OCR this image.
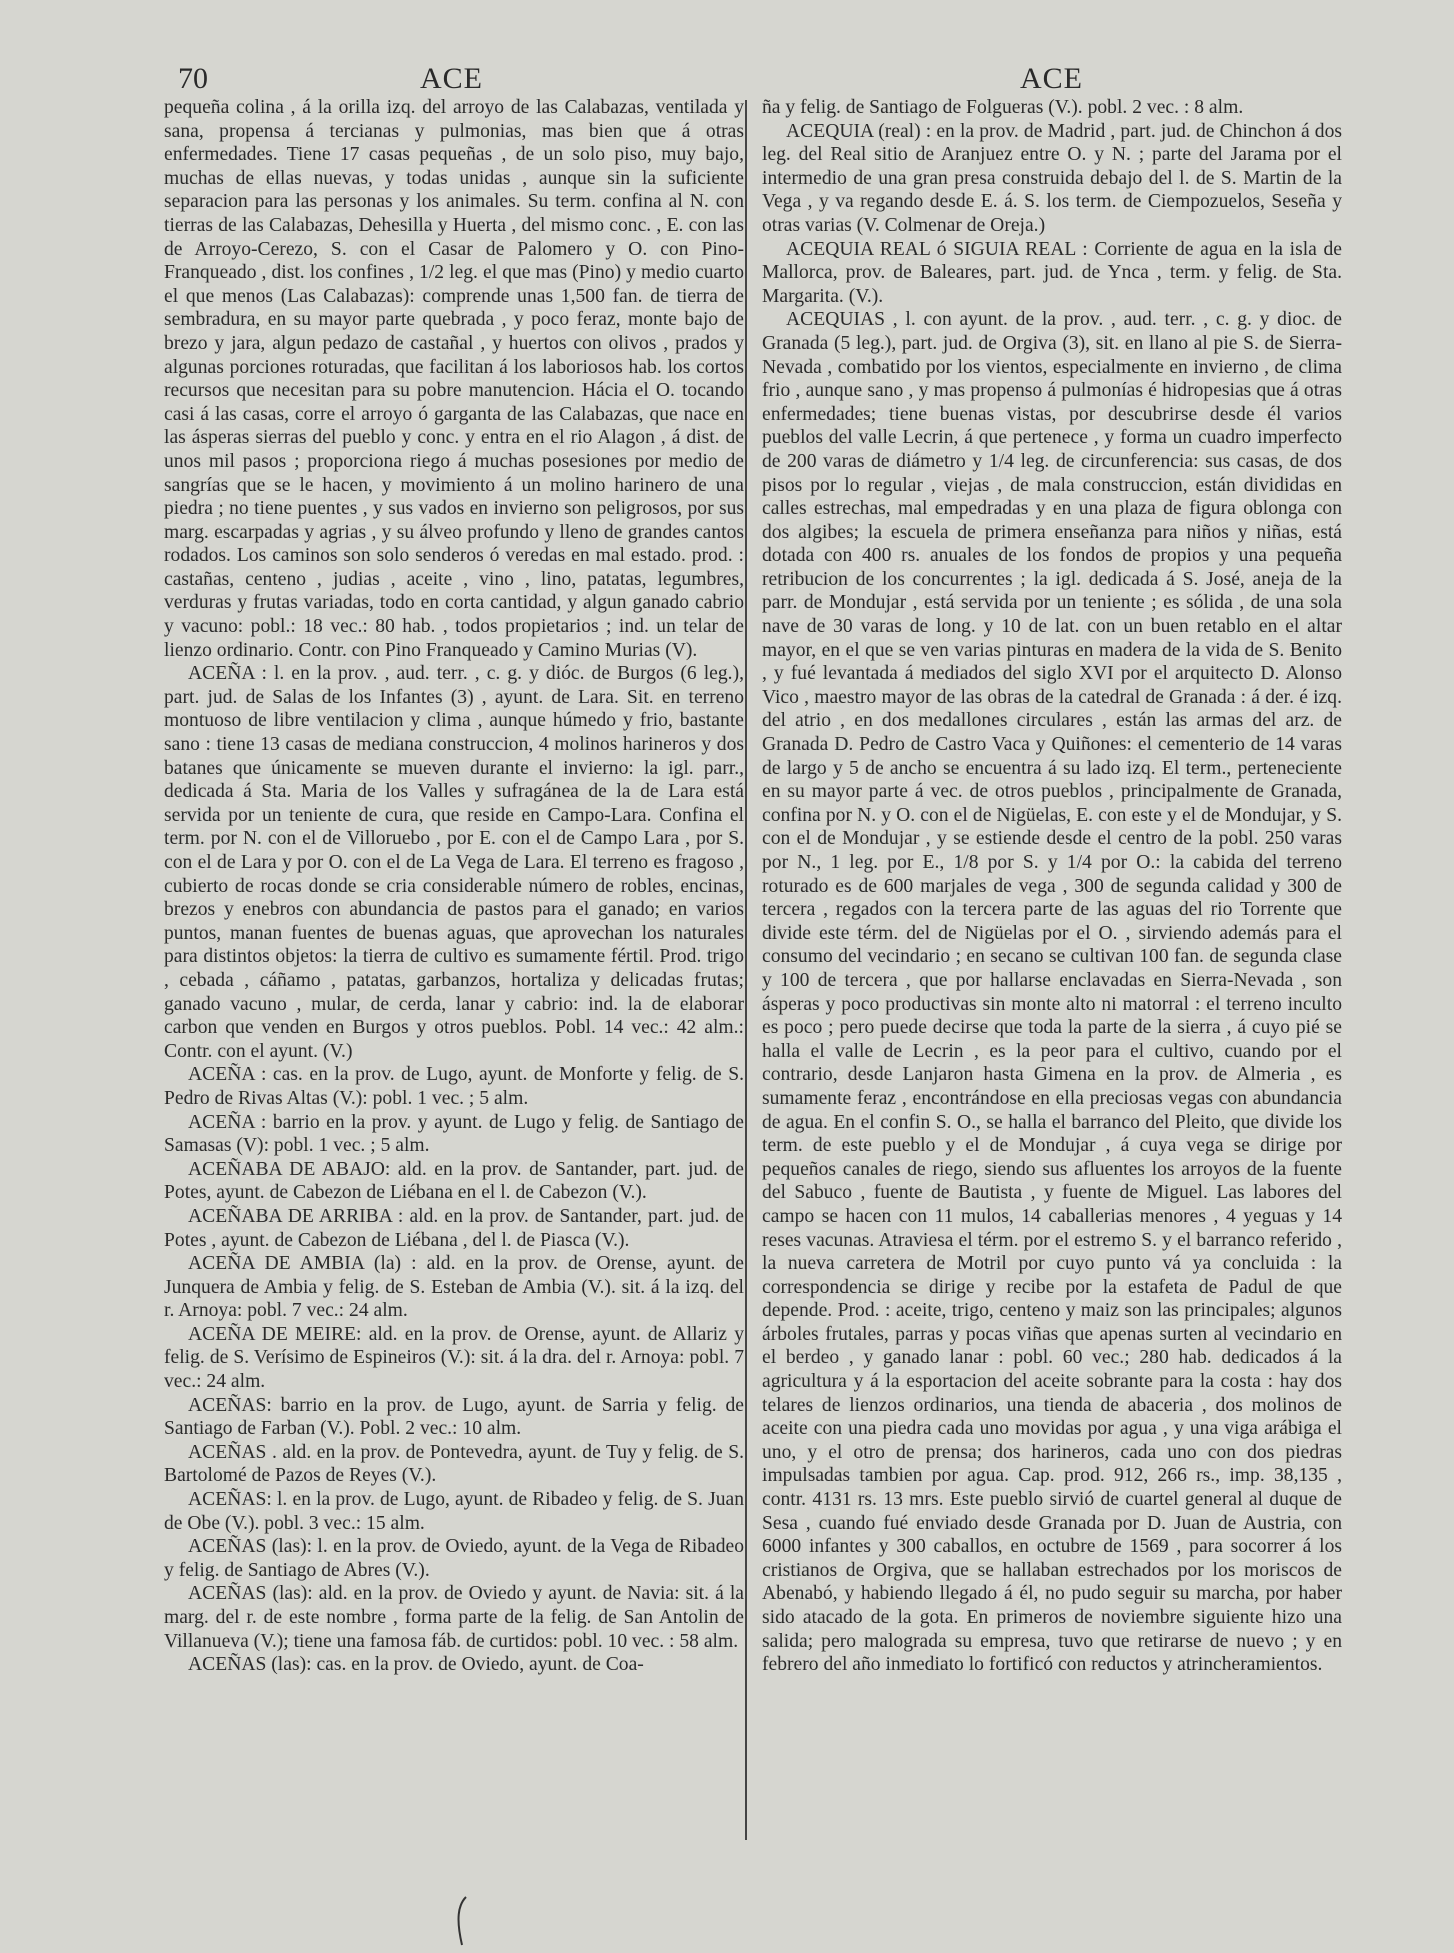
70	ACE	ACE

pequeña colina , á la orilla izq. del arroyo de las Calabazas, ventilada y sana, propensa á tercianas y pulmonias, mas bien que á otras enfermedades. Tiene 17 casas pequeñas , de un solo piso, muy bajo, muchas de ellas nuevas, y todas unidas , aunque sin la suficiente separacion para las personas y los animales. Su term. confina al N. con tierras de las Calabazas, Dehesilla y Huerta , del mismo conc. , E. con las de Arroyo-Cerezo, S. con el Casar de Palomero y O. con Pino-Franqueado , dist. los confines , 1/2 leg. el que mas (Pino) y medio cuarto el que menos (Las Calabazas): comprende unas 1,500 fan. de tierra de sembradura, en su mayor parte quebrada , y poco feraz, monte bajo de brezo y jara, algun pedazo de castañal , y huertos con olivos , prados y algunas porciones roturadas, que facilitan á los laboriosos hab. los cortos recursos que necesitan para su pobre manutencion. Hácia el O. tocando casi á las casas, corre el arroyo ó garganta de las Calabazas, que nace en las ásperas sierras del pueblo y conc. y entra en el rio Alagon , á dist. de unos mil pasos ; proporciona riego á muchas posesiones por medio de sangrías que se le hacen, y movimiento á un molino harinero de una piedra ; no tiene puentes , y sus vados en invierno son peligrosos, por sus marg. escarpadas y agrias , y su álveo profundo y lleno de grandes cantos rodados. Los caminos son solo senderos ó veredas en mal estado. prod. : castañas, centeno , judias , aceite , vino , lino, patatas, legumbres, verduras y frutas variadas, todo en corta cantidad, y algun ganado cabrio y vacuno: pobl.: 18 vec.: 80 hab. , todos propietarios ; ind. un telar de lienzo ordinario. Contr. con Pino Franqueado y Camino Murias (V).

ACEÑA : l. en la prov. , aud. terr. , c. g. y dióc. de Burgos (6 leg.), part. jud. de Salas de los Infantes (3) , ayunt. de Lara. Sit. en terreno montuoso de libre ventilacion y clima , aunque húmedo y frio, bastante sano : tiene 13 casas de mediana construccion, 4 molinos harineros y dos batanes que únicamente se mueven durante el invierno: la igl. parr., dedicada á Sta. Maria de los Valles y sufragánea de la de Lara está servida por un teniente de cura, que reside en Campo-Lara. Confina el term. por N. con el de Villoruebo , por E. con el de Campo Lara , por S. con el de Lara y por O. con el de La Vega de Lara. El terreno es fragoso , cubierto de rocas donde se cria considerable número de robles, encinas, brezos y enebros con abundancia de pastos para el ganado; en varios puntos, manan fuentes de buenas aguas, que aprovechan los naturales para distintos objetos: la tierra de cultivo es sumamente fértil. Prod. trigo , cebada , cáñamo , patatas, garbanzos, hortaliza y delicadas frutas; ganado vacuno , mular, de cerda, lanar y cabrio: ind. la de elaborar carbon que venden en Burgos y otros pueblos. Pobl. 14 vec.: 42 alm.: Contr. con el ayunt. (V.)

ACEÑA : cas. en la prov. de Lugo, ayunt. de Monforte y felig. de S. Pedro de Rivas Altas (V.): pobl. 1 vec. ; 5 alm.

ACEÑA : barrio en la prov. y ayunt. de Lugo y felig. de Santiago de Samasas (V): pobl. 1 vec. ; 5 alm.

ACEÑABA DE ABAJO: ald. en la prov. de Santander, part. jud. de Potes, ayunt. de Cabezon de Liébana en el l. de Cabezon (V.).

ACEÑABA DE ARRIBA : ald. en la prov. de Santander, part. jud. de Potes , ayunt. de Cabezon de Liébana , del l. de Piasca (V.).

ACEÑA DE AMBIA (la) : ald. en la prov. de Orense, ayunt. de Junquera de Ambia y felig. de S. Esteban de Ambia (V.). sit. á la izq. del r. Arnoya: pobl. 7 vec.: 24 alm.

ACEÑA DE MEIRE: ald. en la prov. de Orense, ayunt. de Allariz y felig. de S. Verísimo de Espineiros (V.): sit. á la dra. del r. Arnoya: pobl. 7 vec.: 24 alm.

ACEÑAS: barrio en la prov. de Lugo, ayunt. de Sarria y felig. de Santiago de Farban (V.). Pobl. 2 vec.: 10 alm.

ACEÑAS . ald. en la prov. de Pontevedra, ayunt. de Tuy y felig. de S. Bartolomé de Pazos de Reyes (V.).

ACEÑAS: l. en la prov. de Lugo, ayunt. de Ribadeo y felig. de S. Juan de Obe (V.). pobl. 3 vec.: 15 alm.

ACEÑAS (las): l. en la prov. de Oviedo, ayunt. de la Vega de Ribadeo y felig. de Santiago de Abres (V.).

ACEÑAS (las): ald. en la prov. de Oviedo y ayunt. de Navia: sit. á la marg. del r. de este nombre , forma parte de la felig. de San Antolin de Villanueva (V.); tiene una famosa fáb. de curtidos: pobl. 10 vec. : 58 alm.

ACEÑAS (las): cas. en la prov. de Oviedo, ayunt. de Coa-

ña y felig. de Santiago de Folgueras (V.). pobl. 2 vec. : 8 alm.

ACEQUIA (real) : en la prov. de Madrid , part. jud. de Chinchon á dos leg. del Real sitio de Aranjuez entre O. y N. ; parte del Jarama por el intermedio de una gran presa construida debajo del l. de S. Martin de la Vega , y va regando desde E. á. S. los term. de Ciempozuelos, Seseña y otras varias (V. Colmenar de Oreja.)

ACEQUIA REAL ó SIGUIA REAL : Corriente de agua en la isla de Mallorca, prov. de Baleares, part. jud. de Ynca , term. y felig. de Sta. Margarita. (V.).

ACEQUIAS , l. con ayunt. de la prov. , aud. terr. , c. g. y dioc. de Granada (5 leg.), part. jud. de Orgiva (3), sit. en llano al pie S. de Sierra-Nevada , combatido por los vientos, especialmente en invierno , de clima frio , aunque sano , y mas propenso á pulmonías é hidropesias que á otras enfermedades; tiene buenas vistas, por descubrirse desde él varios pueblos del valle Lecrin, á que pertenece , y forma un cuadro imperfecto de 200 varas de diámetro y 1/4 leg. de circunferencia: sus casas, de dos pisos por lo regular , viejas , de mala construccion, están divididas en calles estrechas, mal empedradas y en una plaza de figura oblonga con dos algibes; la escuela de primera enseñanza para niños y niñas, está dotada con 400 rs. anuales de los fondos de propios y una pequeña retribucion de los concurrentes ; la igl. dedicada á S. José, aneja de la parr. de Mondujar , está servida por un teniente ; es sólida , de una sola nave de 30 varas de long. y 10 de lat. con un buen retablo en el altar mayor, en el que se ven varias pinturas en madera de la vida de S. Benito , y fué levantada á mediados del siglo XVI por el arquitecto D. Alonso Vico , maestro mayor de las obras de la catedral de Granada : á der. é izq. del atrio , en dos medallones circulares , están las armas del arz. de Granada D. Pedro de Castro Vaca y Quiñones: el cementerio de 14 varas de largo y 5 de ancho se encuentra á su lado izq. El term., perteneciente en su mayor parte á vec. de otros pueblos , principalmente de Granada, confina por N. y O. con el de Nigüelas, E. con este y el de Mondujar, y S. con el de Mondujar , y se estiende desde el centro de la pobl. 250 varas por N., 1 leg. por E., 1/8 por S. y 1/4 por O.: la cabida del terreno roturado es de 600 marjales de vega , 300 de segunda calidad y 300 de tercera , regados con la tercera parte de las aguas del rio Torrente que divide este térm. del de Nigüelas por el O. , sirviendo además para el consumo del vecindario ; en secano se cultivan 100 fan. de segunda clase y 100 de tercera , que por hallarse enclavadas en Sierra-Nevada , son ásperas y poco productivas sin monte alto ni matorral : el terreno inculto es poco ; pero puede decirse que toda la parte de la sierra , á cuyo pié se halla el valle de Lecrin , es la peor para el cultivo, cuando por el contrario, desde Lanjaron hasta Gimena en la prov. de Almeria , es sumamente feraz , encontrándose en ella preciosas vegas con abundancia de agua. En el confin S. O., se halla el barranco del Pleito, que divide los term. de este pueblo y el de Mondujar , á cuya vega se dirige por pequeños canales de riego, siendo sus afluentes los arroyos de la fuente del Sabuco , fuente de Bautista , y fuente de Miguel. Las labores del campo se hacen con 11 mulos, 14 caballerias menores , 4 yeguas y 14 reses vacunas. Atraviesa el térm. por el estremo S. y el barranco referido , la nueva carretera de Motril por cuyo punto vá ya concluida : la correspondencia se dirige y recibe por la estafeta de Padul de que depende. Prod. : aceite, trigo, centeno y maiz son las principales; algunos árboles frutales, parras y pocas viñas que apenas surten al vecindario en el berdeo , y ganado lanar : pobl. 60 vec.; 280 hab. dedicados á la agricultura y á la esportacion del aceite sobrante para la costa : hay dos telares de lienzos ordinarios, una tienda de abaceria , dos molinos de aceite con una piedra cada uno movidas por agua , y una viga arábiga el uno, y el otro de prensa; dos harineros, cada uno con dos piedras impulsadas tambien por agua. Cap. prod. 912, 266 rs., imp. 38,135 , contr. 4131 rs. 13 mrs. Este pueblo sirvió de cuartel general al duque de Sesa , cuando fué enviado desde Granada por D. Juan de Austria, con 6000 infantes y 300 caballos, en octubre de 1569 , para socorrer á los cristianos de Orgiva, que se hallaban estrechados por los moriscos de Abenabó, y habiendo llegado á él, no pudo seguir su marcha, por haber sido atacado de la gota. En primeros de noviembre siguiente hizo una salida; pero malograda su empresa, tuvo que retirarse de nuevo ; y en febrero del año inmediato lo fortificó con reductos y atrincheramientos.
